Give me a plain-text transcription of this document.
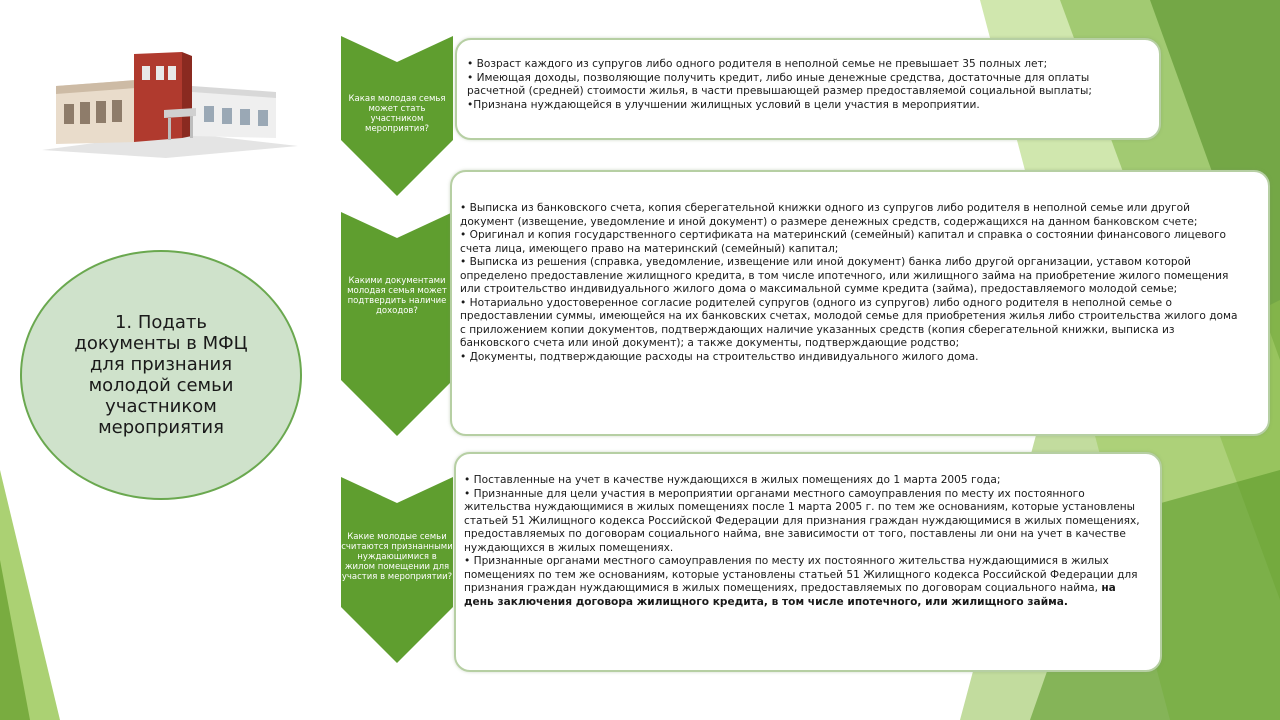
1. Подать документы в МФЦ для признания молодой семьи участником мероприятия
Какая молодая семья может стать участником мероприятия?
Какими документами молодая семья может подтвердить наличие доходов?
Какие молодые семьи считаются признанными нуждающимися в жилом помещении для участия в мероприятии?
• Возраст каждого из супругов либо одного родителя в неполной семье не превышает 35 полных лет;
• Имеющая доходы, позволяющие получить кредит, либо иные денежные средства, достаточные для оплаты расчетной (средней) стоимости жилья, в части превышающей размер предоставляемой социальной выплаты;
•Признана нуждающейся в улучшении жилищных условий в цели участия в мероприятии.
• Выписка из банковского счета, копия сберегательной книжки одного из супругов либо родителя в неполной семье или другой документ (извещение, уведомление и иной документ) о размере денежных средств, содержащихся на данном банковском счете;
• Оригинал и копия государственного сертификата на материнский (семейный) капитал и справка о состоянии финансового лицевого счета лица, имеющего право на материнский (семейный) капитал;
• Выписка из решения (справка, уведомление, извещение или иной документ) банка либо другой организации, уставом которой определено предоставление жилищного кредита, в том числе ипотечного, или жилищного займа на приобретение жилого помещения или строительство индивидуального жилого дома о максимальной сумме кредита (займа), предоставляемого молодой семье;
• Нотариально удостоверенное согласие родителей супругов (одного из супругов) либо одного родителя в неполной семье о предоставлении суммы, имеющейся на их банковских счетах, молодой семье для приобретения жилья либо строительства жилого дома с приложением копии документов, подтверждающих наличие указанных средств (копия сберегательной книжки, выписка из банковского счета или иной документ); а также документы, подтверждающие родство;
• Документы, подтверждающие расходы на строительство индивидуального жилого дома.
• Поставленные на учет в качестве нуждающихся в жилых помещениях до 1 марта 2005 года;
• Признанные для цели участия в мероприятии органами местного самоуправления по месту их постоянного жительства нуждающимися в жилых помещениях после 1 марта 2005 г. по тем же основаниям, которые установлены статьей 51 Жилищного кодекса Российской Федерации для признания граждан нуждающимися в жилых помещениях, предоставляемых по договорам социального найма, вне зависимости от того, поставлены ли они на учет в качестве нуждающихся в жилых помещениях.
• Признанные органами местного самоуправления по месту их постоянного жительства нуждающимися в жилых помещениях по тем же основаниям, которые установлены статьей 51 Жилищного кодекса Российской Федерации для признания граждан нуждающимися в жилых помещениях, предоставляемых по договорам социального найма, на день заключения договора жилищного кредита, в том числе ипотечного, или жилищного займа.
